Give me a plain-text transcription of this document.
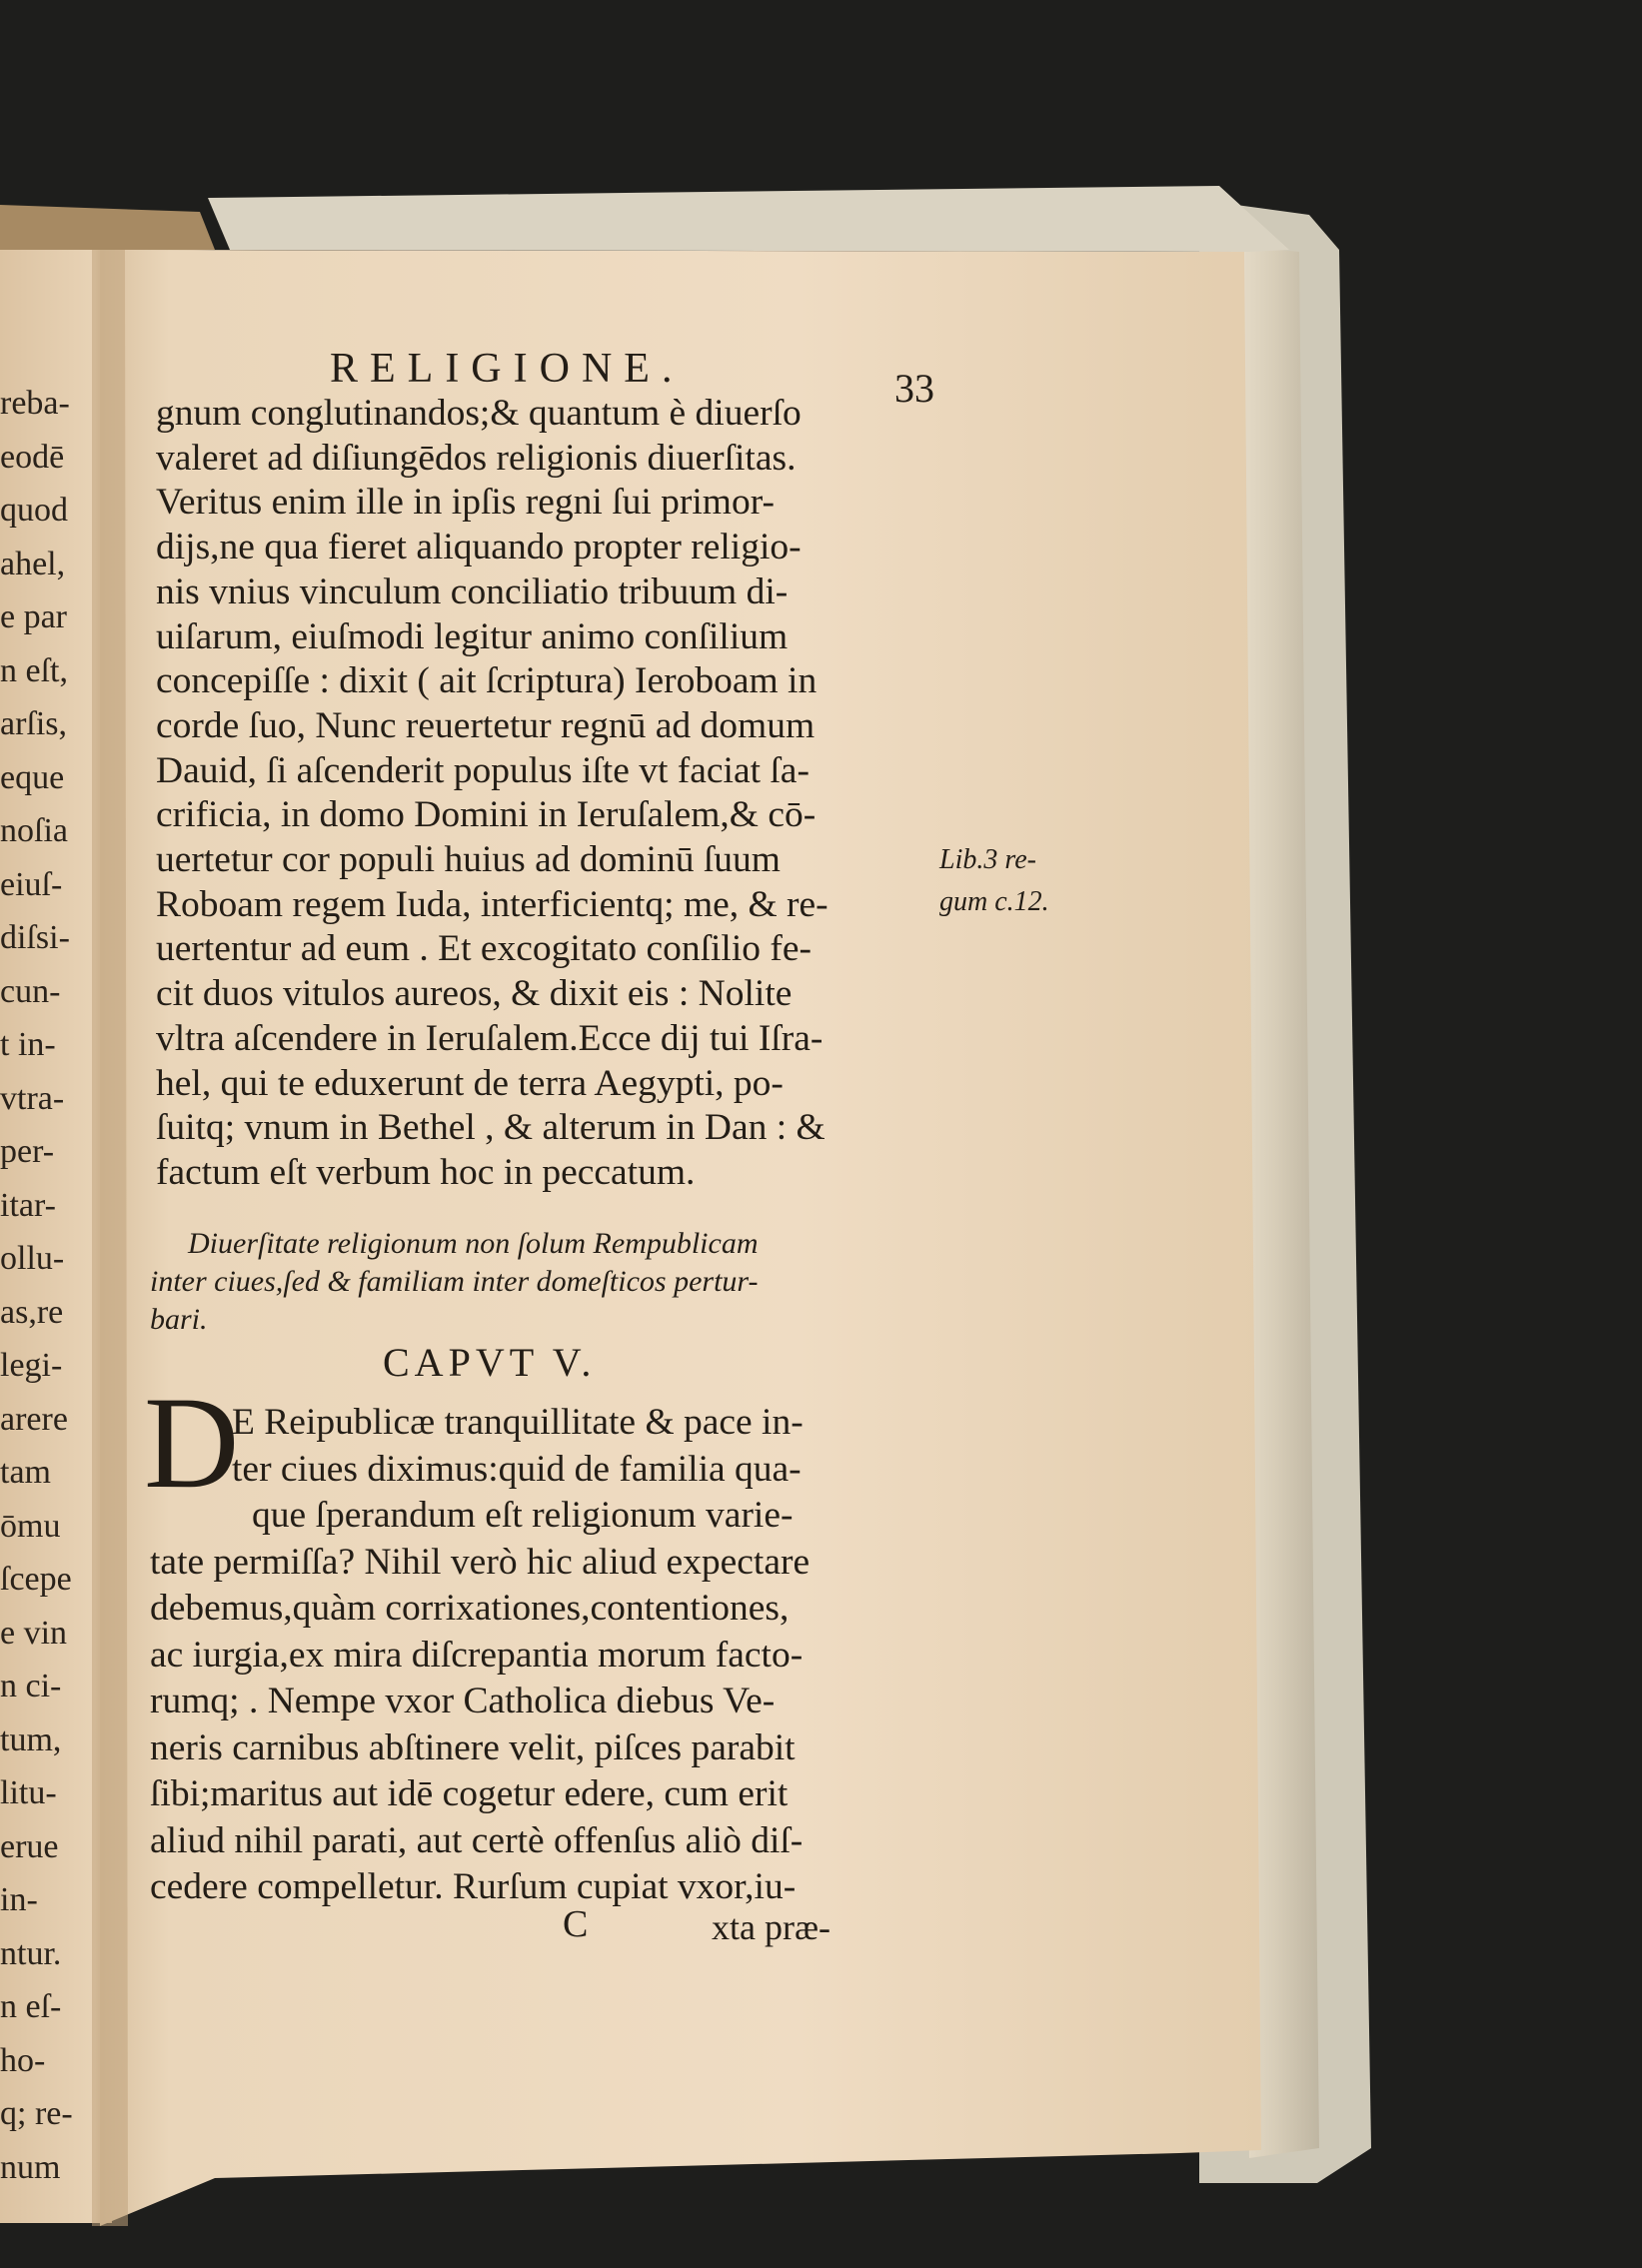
RELIGIONE.	33
gnum conglutinandos;& quantum è diuerſo
valeret ad diſiungēdos religionis diuerſitas.
Veritus enim ille in ipſis regni ſui primor-
dijs,ne qua fieret aliquando propter religio-
nis vnius vinculum conciliatio tribuum di-
uiſarum, eiuſmodi legitur animo conſilium
concepiſſe : dixit ( ait ſcriptura) Ieroboam in
corde ſuo, Nunc reuertetur regnū ad domum
Dauid, ſi aſcenderit populus iſte vt faciat ſa-
crificia, in domo Domini in Ieruſalem,& cō-
uertetur cor populi huius ad dominū ſuum
Roboam regem Iuda, interficientq; me, & re-
uertentur ad eum . Et excogitato conſilio fe-
cit duos vitulos aureos, & dixit eis : Nolite
vltra aſcendere in Ieruſalem.Ecce dij tui Iſra-
hel, qui te eduxerunt de terra Aegypti, po-
ſuitq; vnum in Bethel , & alterum in Dan : &
factum eſt verbum hoc in peccatum.
Lib.3 re-
gum c.12.
Diuerſitate religionum non ſolum Rempublicam
inter ciues,ſed & familiam inter domeſticos pertur-
bari.
CAPVT V.
D
E Reipublicæ tranquillitate & pace in-
ter ciues diximus:quid de familia qua-
que ſperandum eſt religionum varie-
tate permiſſa? Nihil verò hic aliud expectare
debemus,quàm corrixationes,contentiones,
ac iurgia,ex mira diſcrepantia morum facto-
rumq; . Nempe vxor Catholica diebus Ve-
neris carnibus abſtinere velit, piſces parabit
ſibi;maritus aut idē cogetur edere, cum erit
aliud nihil parati, aut certè offenſus aliò diſ-
cedere compelletur. Rurſum cupiat vxor,iu-
C	xta præ-
reba-
eodē
quod
ahel,
e par
n eſt,
arſis,
eque
noſia
eiuſ-
diſsi-
cun-
t in-
vtra-
per-
itar-
ollu-
as,re
legi-
arere
tam
ōmu
ſcepe
e vin
n ci-
tum,
litu-
erue
in-
ntur.
n eſ-
ho-
q; re-
num
